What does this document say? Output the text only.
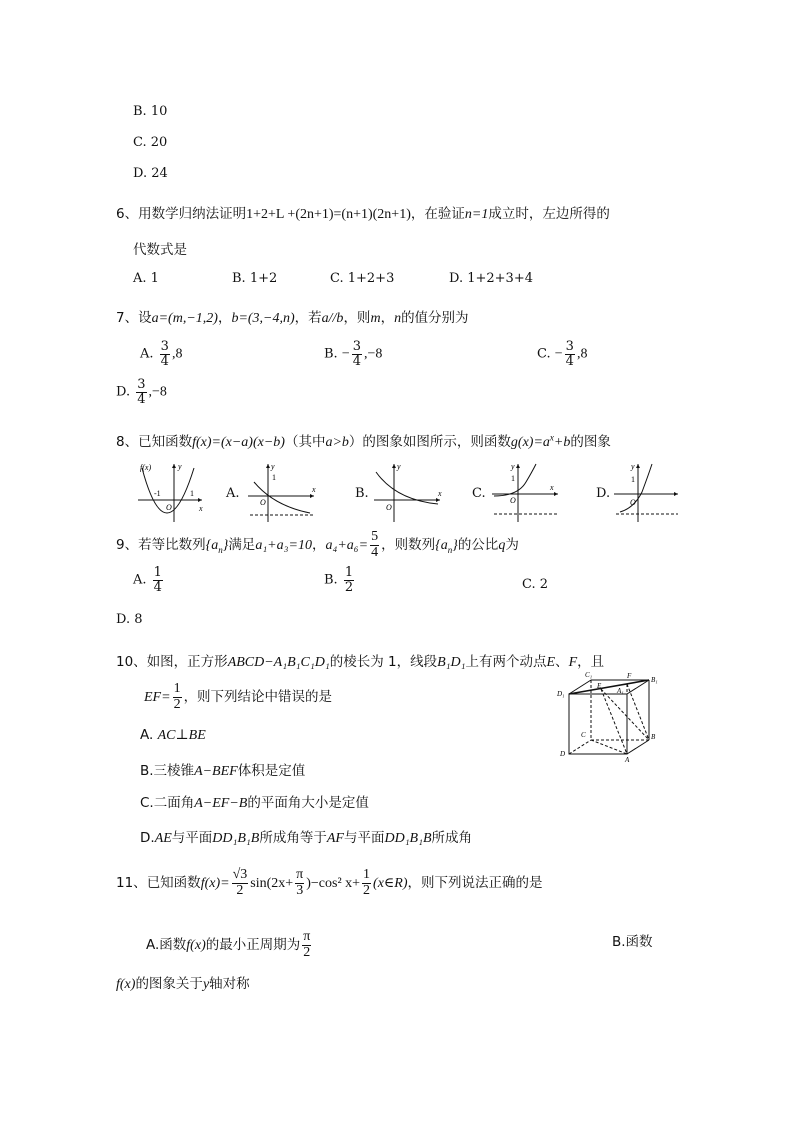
B. 10
C. 20
D. 24
6、用数学归纳法证明1+2+L +(2n+1)=(n+1)(2n+1)，在验证n=1成立时，左边所得的
代数式是
A. 1	B. 1+2	C. 1+2+3	D. 1+2+3+4
7、设a=(m,−1,2)，b=(3,−4,n)，若a//b，则m，n的值分别为
A. $\frac{3}{4} ,8$	B. − $\frac{3}{4} ,-8$	C. − $\frac{3}{4} ,8$
D. $\frac{3}{4} ,-8$
8、已知函数f(x)=(x−a)(x−b)（其中a>b）的图象如图所示，则函数$g(x)=a^x+b$的图象
f(x)	y
x
-1
O
1 A.
y
1
x
O
B.
y
x
O
C.
y
1
x
O	D.
y
1
O
9、若等比数列$\{a_n\}$满足a₁+a₃=10，$a_4+a_6= \frac{5}{4}$ ，则数列$\{a_n\}$的公比q为
A. $\frac{1}{4}$	B. $\frac{1}{2}$	C. 2
D. 8
10、如图，正方形ABCD−A₁B₁C₁D₁的棱长为 1，线段B₁D₁上有两个动点E、F，且
$EF= \frac{1}{2}$ ，则下列结论中错误的是
A. AC⊥BE
B.三棱锥A−BEF体积是定值
C.二面角A−EF−B的平面角大小是定值
D.AE与平面DD₁B₁B所成角等于AF与平面DD₁B₁B所成角
C₁
D₁
E
F
A₁
B₁
C
D
B
A
11、已知函数$f(x)= \frac{√3}{2} \sin(2x+ \frac{\pi}{3} )-\cos^2$ $x+ \frac{1}{2}$ (x∈R)，则下列说法正确的是
A.函数f(x)的最小正周期为 $\frac{\pi}{2}$	B.函数
f(x)的图象关于y轴对称
